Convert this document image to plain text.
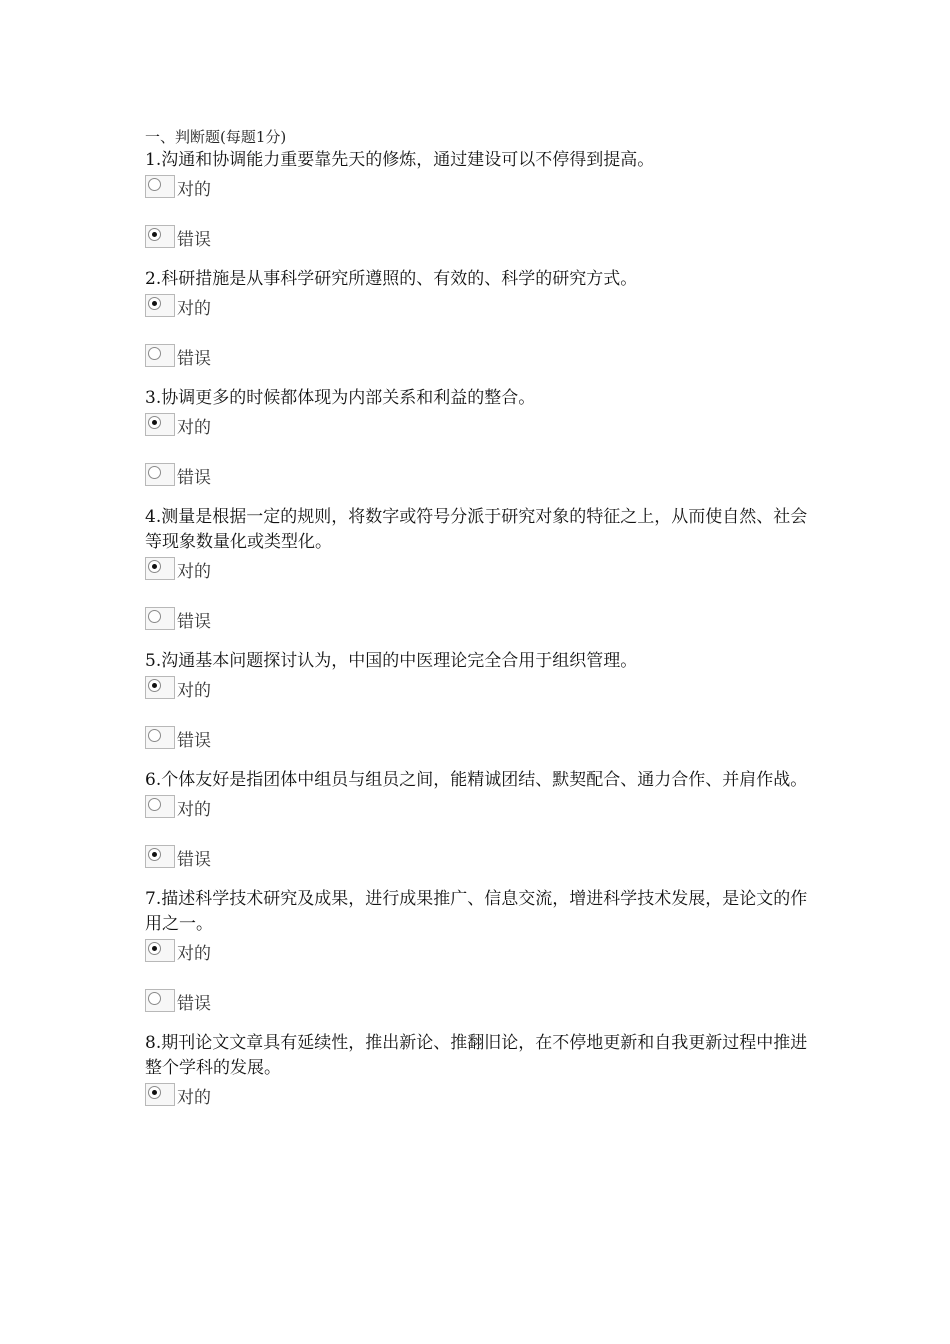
一、判断题(每题1分)
1.沟通和协调能力重要靠先天的修炼，通过建设可以不停得到提高。
对的
错误
2.科研措施是从事科学研究所遵照的、有效的、科学的研究方式。
对的
错误
3.协调更多的时候都体现为内部关系和利益的整合。
对的
错误
4.测量是根据一定的规则，将数字或符号分派于研究对象的特征之上，从而使自然、社会等现象数量化或类型化。
对的
错误
5.沟通基本问题探讨认为，中国的中医理论完全合用于组织管理。
对的
错误
6.个体友好是指团体中组员与组员之间，能精诚团结、默契配合、通力合作、并肩作战。
对的
错误
7.描述科学技术研究及成果，进行成果推广、信息交流，增进科学技术发展，是论文的作用之一。
对的
错误
8.期刊论文文章具有延续性，推出新论、推翻旧论，在不停地更新和自我更新过程中推进整个学科的发展。
对的
